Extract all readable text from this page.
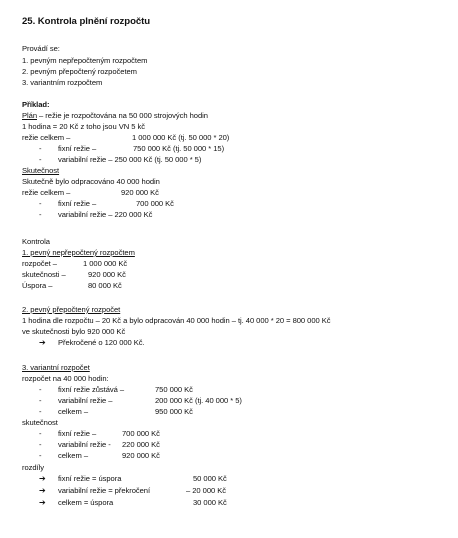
25. Kontrola plnění rozpočtu
Provádí se:
1. pevným nepřepočteným rozpočtem
2. pevným přepočtený rozpočetem
3. variantním rozpočtem
Příklad:
Plán – režie je rozpočtována na 50 000 strojových hodin
1 hodina = 20 Kč z toho jsou VN 5 kč
režie celkem –	1 000 000 Kč (tj. 50 000 * 20)
- fixní režie –	750 000 Kč (tj. 50 000 * 15)
- variabilní režie – 250 000 Kč (tj. 50 000 * 5)
Skutečnost
Skutečně bylo odpracováno 40 000 hodin
režie celkem –	920 000 Kč
- fixní režie –	700 000 Kč
- variabilní režie – 220 000 Kč
Kontrola
1. pevný nepřepočtený rozpočtem
rozpočet –	1 000 000 Kč
skutečnosti –	920 000 Kč
Úspora –	80 000 Kč
2. pevný přepočtený rozpočet
1 hodina dle rozpočtu – 20 Kč a bylo odpracován 40 000 hodin – tj. 40 000 * 20 = 800 000 Kč
ve skutečnosti bylo 920 000 Kč
➔ Překročené o 120 000 Kč.
3. variantní rozpočet
rozpočet na 40 000 hodin:
- fixní režie zůstává –	750 000 Kč
- variabilní režie –	200 000 Kč (tj. 40 000 * 5)
- celkem –	950 000 Kč
skutečnost
- fixní režie –	700 000 Kč
- variabilní režie - 220 000 Kč
- celkem –	920 000 Kč
rozdíly
➔ fixní režie = úspora	50 000 Kč
➔ variabilní režie = překročení	– 20 000 Kč
➔ celkem = úspora	30 000 Kč
